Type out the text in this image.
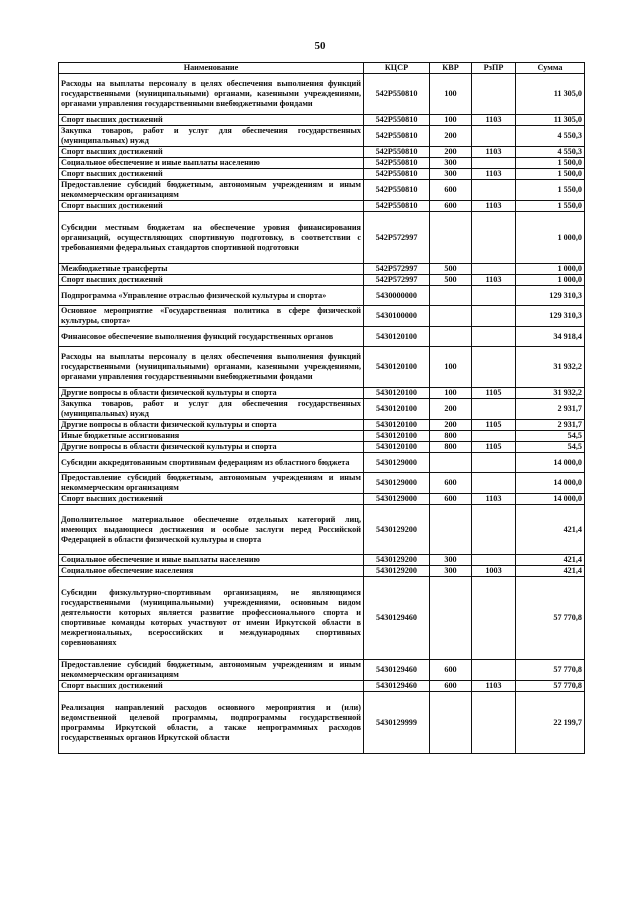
50
Наименование	КЦСР	КВР	РзПР	Сумма
Расходы на выплаты персоналу в целях обеспечения выполнения функций государственными (муниципальными) органами, казенными учреждениями, органами управления государственными внебюджетными фондами	542P550810	100		11 305,0
Спорт высших достижений	542P550810	100	1103	11 305,0
Закупка товаров, работ и услуг для обеспечения государственных (муниципальных) нужд	542P550810	200		4 550,3
Спорт высших достижений	542P550810	200	1103	4 550,3
Социальное обеспечение и иные выплаты населению	542P550810	300		1 500,0
Спорт высших достижений	542P550810	300	1103	1 500,0
Предоставление субсидий бюджетным, автономным учреждениям и иным некоммерческим организациям	542P550810	600		1 550,0
Спорт высших достижений	542P550810	600	1103	1 550,0
Субсидии местным бюджетам на обеспечение уровня финансирования организаций, осуществляющих спортивную подготовку, в соответствии с требованиями федеральных стандартов спортивной подготовки	542P572997			1 000,0
Межбюджетные трансферты	542P572997	500		1 000,0
Спорт высших достижений	542P572997	500	1103	1 000,0
Подпрограмма «Управление отраслью физической культуры и спорта»	5430000000			129 310,3
Основное мероприятие «Государственная политика в сфере физической культуры, спорта»	5430100000			129 310,3
Финансовое обеспечение выполнения функций государственных органов	5430120100			34 918,4
Расходы на выплаты персоналу в целях обеспечения выполнения функций государственными (муниципальными) органами, казенными учреждениями, органами управления государственными внебюджетными фондами	5430120100	100		31 932,2
Другие вопросы в области физической культуры и спорта	5430120100	100	1105	31 932,2
Закупка товаров, работ и услуг для обеспечения государственных (муниципальных) нужд	5430120100	200		2 931,7
Другие вопросы в области физической культуры и спорта	5430120100	200	1105	2 931,7
Иные бюджетные ассигнования	5430120100	800		54,5
Другие вопросы в области физической культуры и спорта	5430120100	800	1105	54,5
Субсидии аккредитованным спортивным федерациям из областного бюджета	5430129000			14 000,0
Предоставление субсидий бюджетным, автономным учреждениям и иным некоммерческим организациям	5430129000	600		14 000,0
Спорт высших достижений	5430129000	600	1103	14 000,0
Дополнительное материальное обеспечение отдельных категорий лиц, имеющих выдающиеся достижения и особые заслуги перед Российской Федерацией в области физической культуры и спорта	5430129200			421,4
Социальное обеспечение и иные выплаты населению	5430129200	300		421,4
Социальное обеспечение населения	5430129200	300	1003	421,4
Субсидии физкультурно-спортивным организациям, не являющимся государственными (муниципальными) учреждениями, основным видом деятельности которых является развитие профессионального спорта и спортивные команды которых участвуют от имени Иркутской области в межрегиональных, всероссийских и международных спортивных соревнованиях	5430129460			57 770,8
Предоставление субсидий бюджетным, автономным учреждениям и иным некоммерческим организациям	5430129460	600		57 770,8
Спорт высших достижений	5430129460	600	1103	57 770,8
Реализация направлений расходов основного мероприятия и (или) ведомственной целевой программы, подпрограммы государственной программы Иркутской области, а также непрограммных расходов государственных органов Иркутской области	5430129999			22 199,7
